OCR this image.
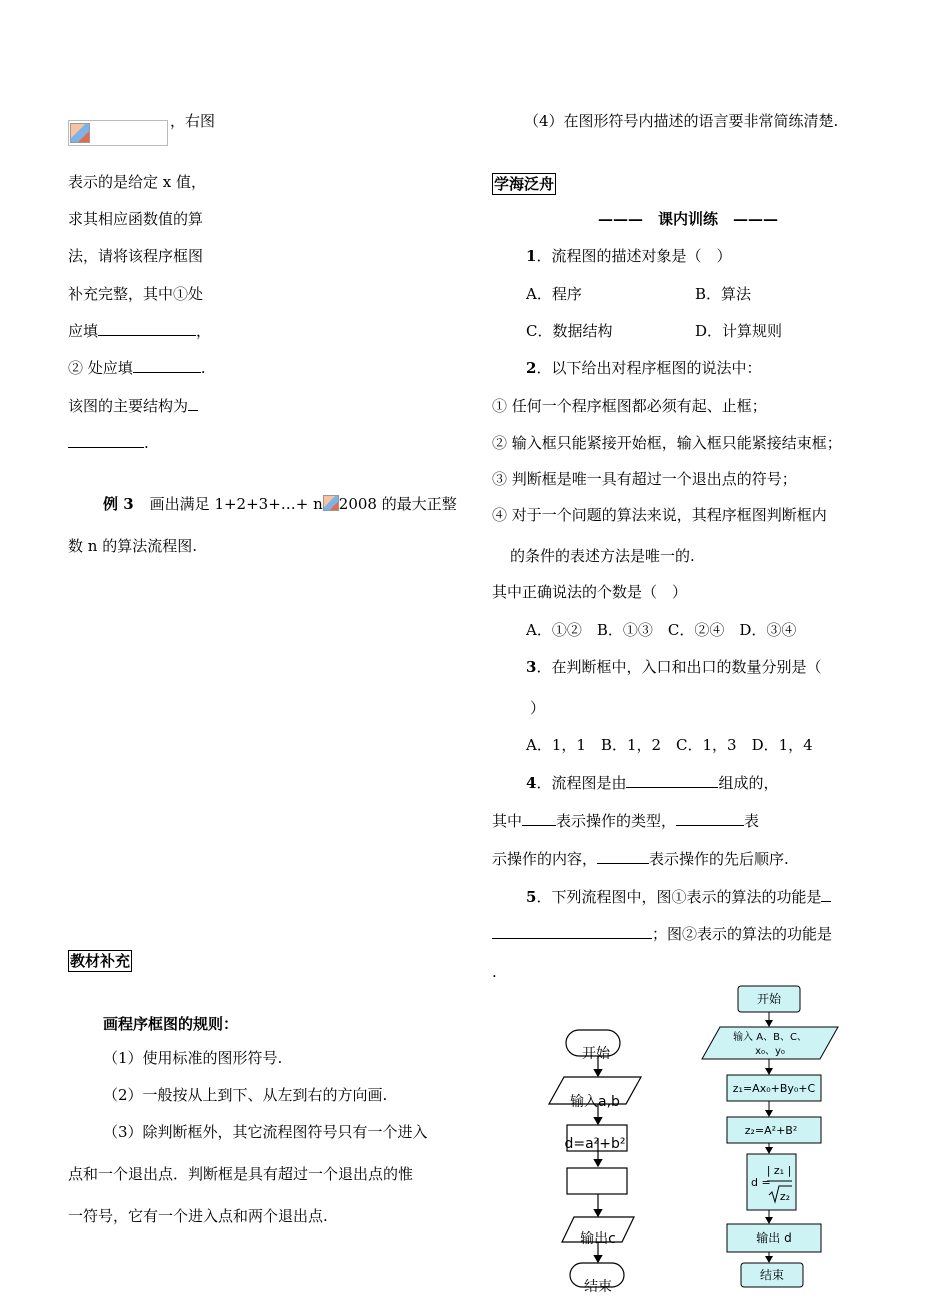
，右图
表示的是给定 x 值，
求其相应函数值的算
法，请将该程序框图
补充完整，其中①处
应填	，
② 处应填	.
该图的主要结构为
.
例 3 画出满足 1+2+3+…+ n 2008 的最大正整
数 n 的算法流程图.
教材补充
画程序框图的规则：
（1）使用标准的图形符号.
（2）一般按从上到下、从左到右的方向画.
（3）除判断框外，其它流程图符号只有一个进入
点和一个退出点．判断框是具有超过一个退出点的惟
一符号，它有一个进入点和两个退出点.
（4）在图形符号内描述的语言要非常简练清楚.
学海泛舟
———　课内训练　———
1．流程图的描述对象是（　）
A．程序	B．算法
C．数据结构	D．计算规则
2．以下给出对程序框图的说法中：
① 任何一个程序框图都必须有起、止框；
② 输入框只能紧接开始框，输入框只能紧接结束框；
③ 判断框是唯一具有超过一个退出点的符号；
④ 对于一个问题的算法来说，其程序框图判断框内
的条件的表述方法是唯一的.
其中正确说法的个数是（　）
A．①②　B．①③　C．②④　D．③④
3．在判断框中，入口和出口的数量分别是（
）
A．1，1　B．1，2　C．1，3　D．1，4
4．流程图是由	组成的，
其中 表示操作的类型，	表
示操作的内容，	表示操作的先后顺序.
5．下列流程图中，图①表示的算法的功能是
；图②表示的算法的功能是
.
开始
输入a,b
d=a²+b²
输出c
结束
开始
输入 A、B、C、
x₀、y₀
z₁=Ax₀+By₀+C
z₂=A²+B²
d =
| z₁ |
z₂
输出 d
结束
